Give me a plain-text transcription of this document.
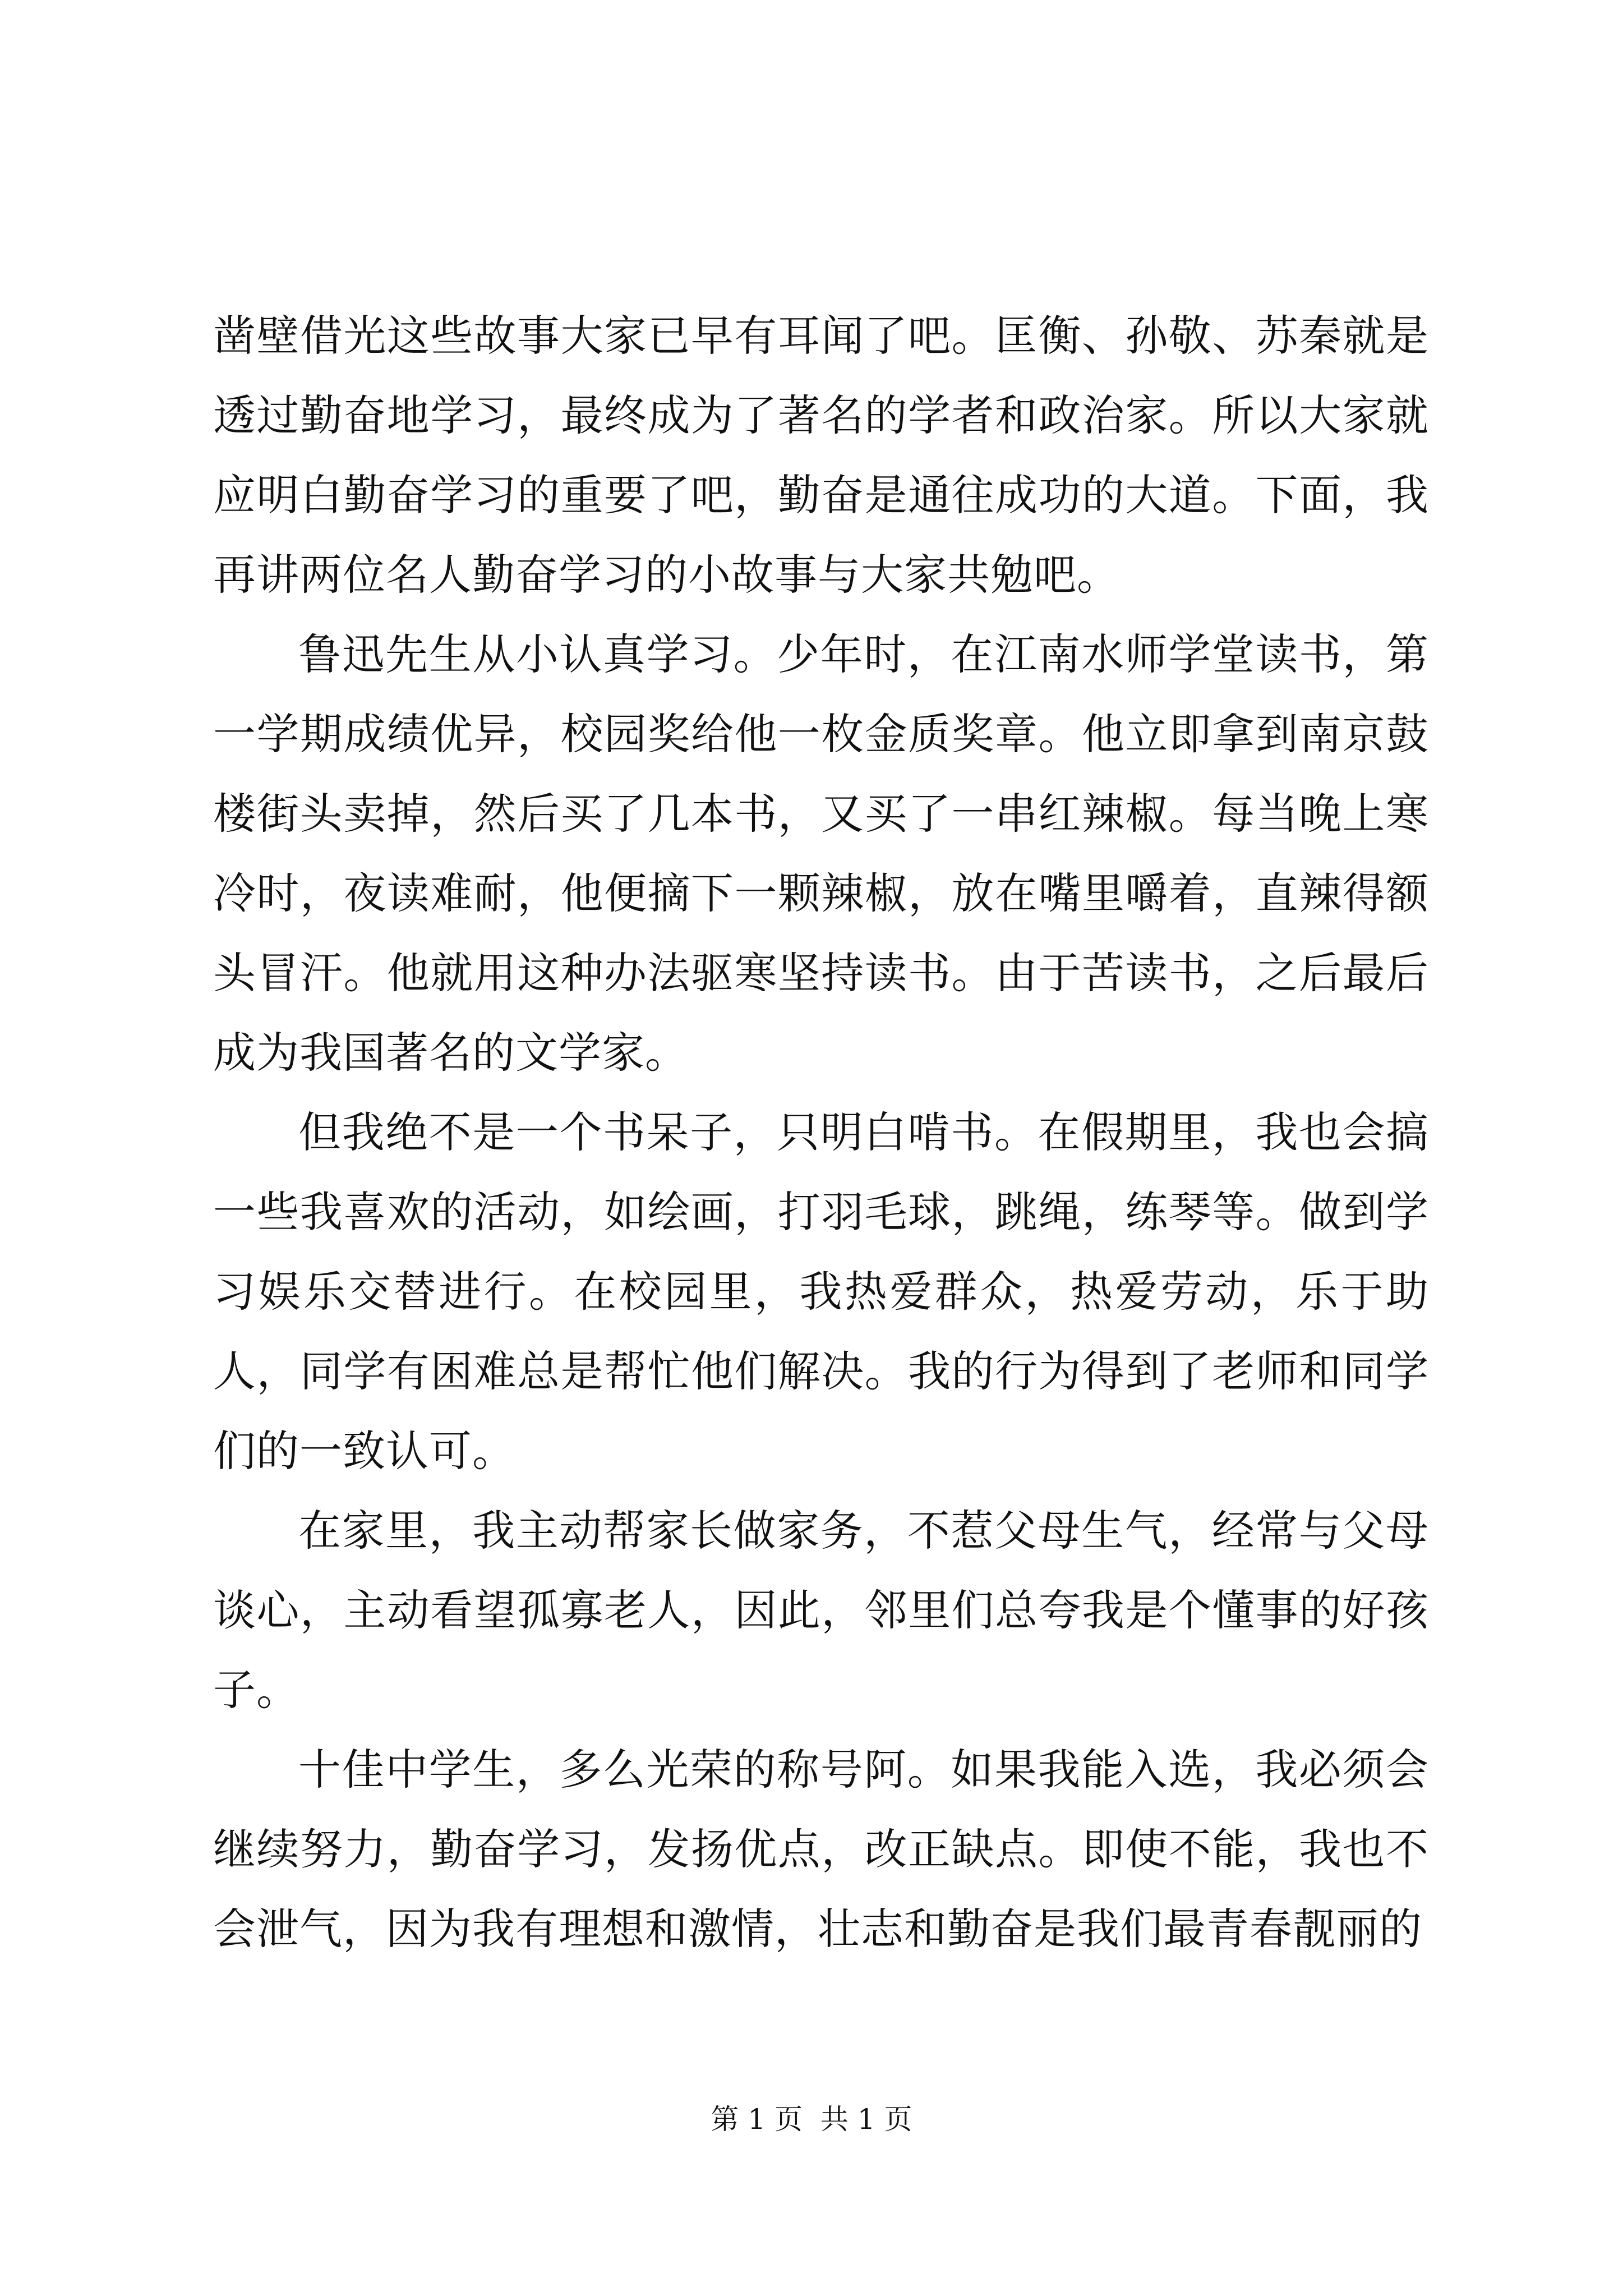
凿壁借光这些故事大家已早有耳闻了吧。匡衡、孙敬、苏秦就是透过勤奋地学习，最终成为了著名的学者和政治家。所以大家就应明白勤奋学习的重要了吧，勤奋是通往成功的大道。下面，我再讲两位名人勤奋学习的小故事与大家共勉吧。

鲁迅先生从小认真学习。少年时，在江南水师学堂读书，第一学期成绩优异，校园奖给他一枚金质奖章。他立即拿到南京鼓楼街头卖掉，然后买了几本书，又买了一串红辣椒。每当晚上寒冷时，夜读难耐，他便摘下一颗辣椒，放在嘴里嚼着，直辣得额头冒汗。他就用这种办法驱寒坚持读书。由于苦读书，之后最后成为我国著名的文学家。

但我绝不是一个书呆子，只明白啃书。在假期里，我也会搞一些我喜欢的活动，如绘画，打羽毛球，跳绳，练琴等。做到学习娱乐交替进行。在校园里，我热爱群众，热爱劳动，乐于助人，同学有困难总是帮忙他们解决。我的行为得到了老师和同学们的一致认可。

在家里，我主动帮家长做家务，不惹父母生气，经常与父母谈心，主动看望孤寡老人，因此，邻里们总夸我是个懂事的好孩子。

十佳中学生，多么光荣的称号阿。如果我能入选，我必须会继续努力，勤奋学习，发扬优点，改正缺点。即使不能，我也不会泄气，因为我有理想和激情，壮志和勤奋是我们最青春靓丽的

第 1 页  共 1 页
